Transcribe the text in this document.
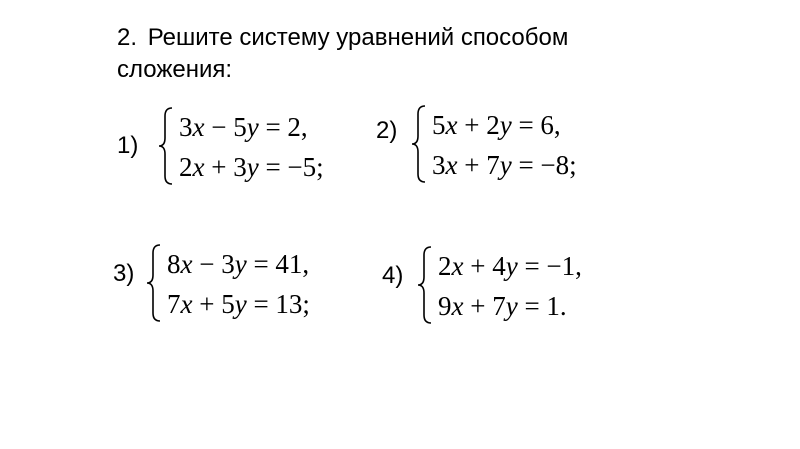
2. Решите систему уравнений способом
сложения:
1)
3x − 5y = 2,
2x + 3y = −5;
2) 5x + 2y = 6,
3x + 7y = −8;
3) 8x − 3y = 41,
7x + 5y = 13;
4) 2x + 4y = −1,
9x + 7y = 1.
